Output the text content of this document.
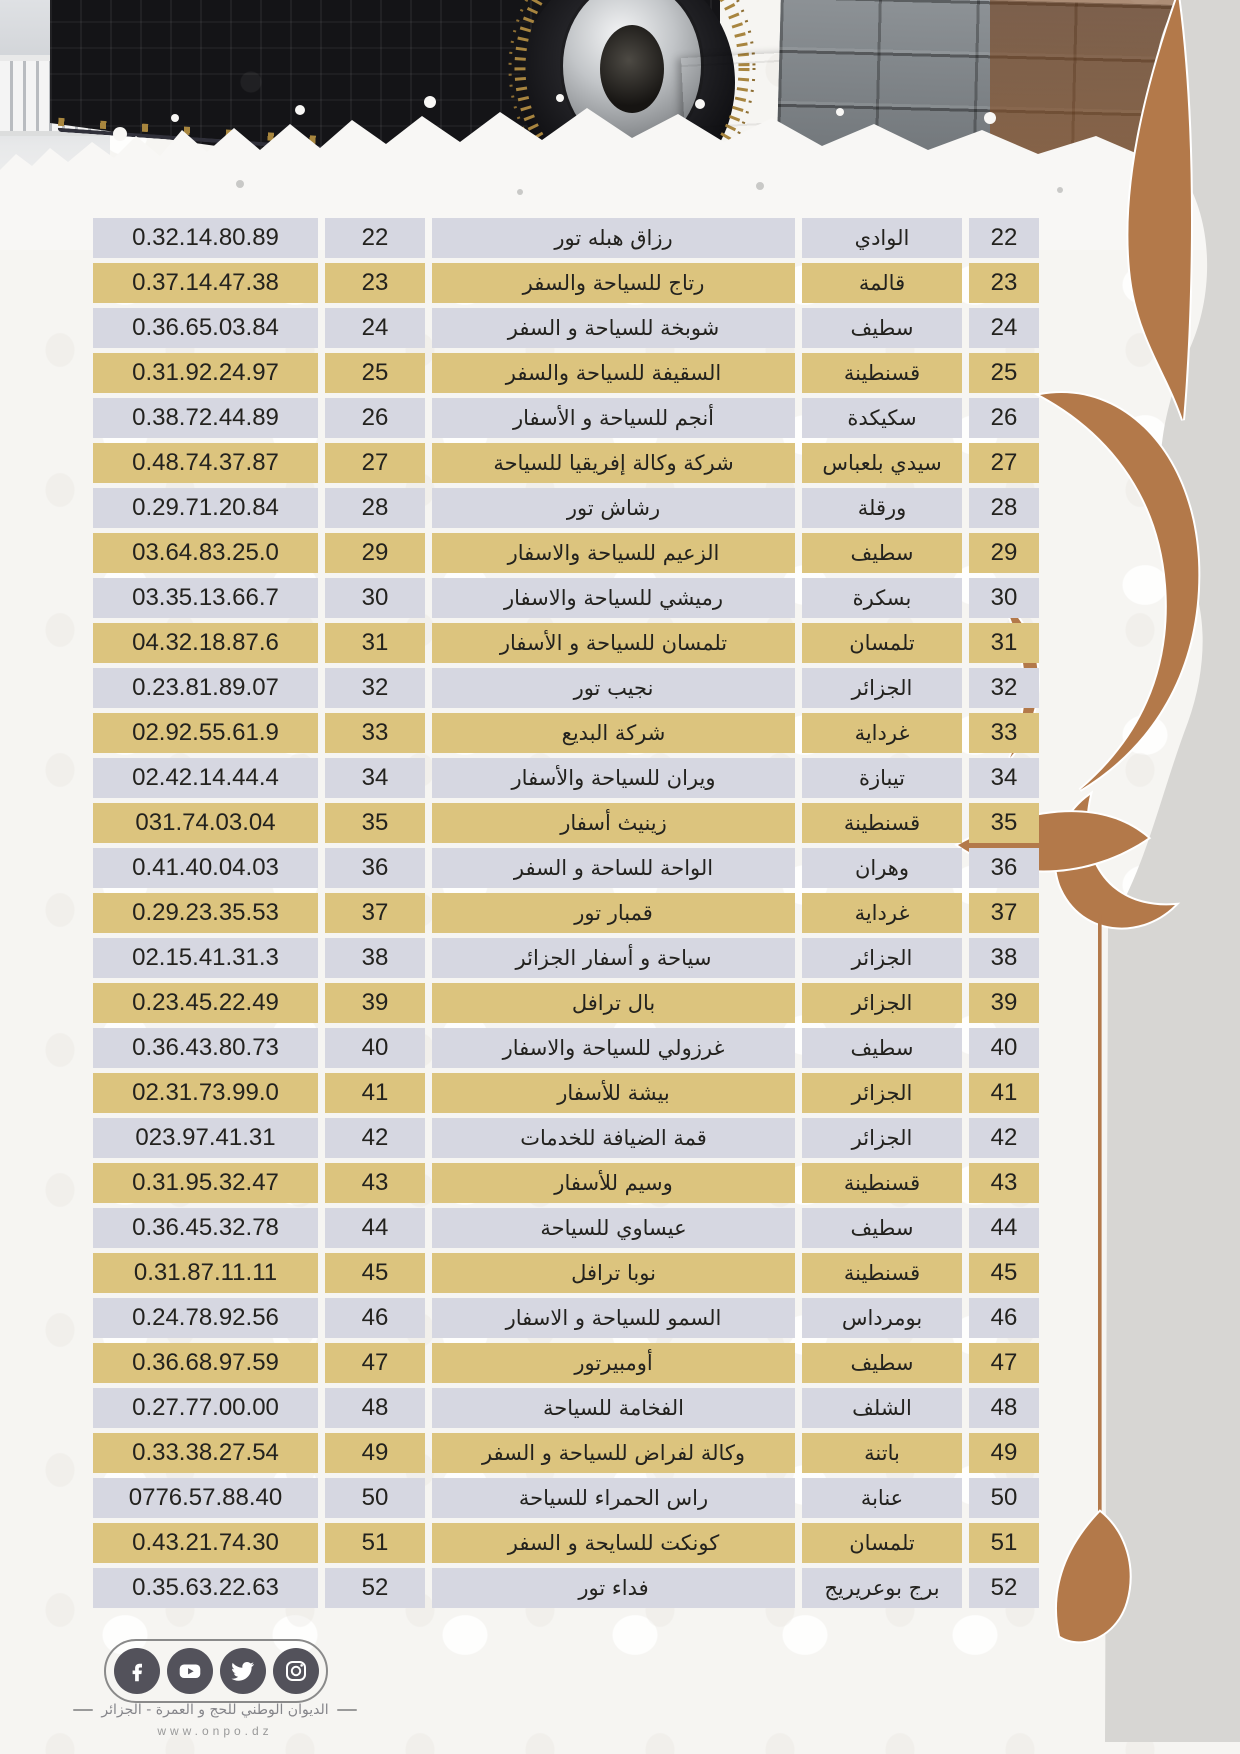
0.32.14.80.89	22	رزاق هبله تور	الوادي	22
0.37.14.47.38	23	رتاج للسياحة والسفر	قالمة	23
0.36.65.03.84	24	شوبخة للسياحة و السفر	سطيف	24
0.31.92.24.97	25	السقيفة للسياحة والسفر	قسنطينة	25
0.38.72.44.89	26	أنجم للسياحة و الأسفار	سكيكدة	26
0.48.74.37.87	27	شركة وكالة إفريقيا للسياحة	سيدي بلعباس	27
0.29.71.20.84	28	رشاش تور	ورقلة	28
03.64.83.25.0	29	الزعيم للسياحة والاسفار	سطيف	29
03.35.13.66.7	30	رميشي للسياحة والاسفار	بسكرة	30
04.32.18.87.6	31	تلمسان للسياحة و الأسفار	تلمسان	31
0.23.81.89.07	32	نجيب تور	الجزائر	32
02.92.55.61.9	33	شركة البديع	غرداية	33
02.42.14.44.4	34	ويران للسياحة والأسفار	تيبازة	34
031.74.03.04	35	زينيث أسفار	قسنطينة	35
0.41.40.04.03	36	الواحة للساحة و السفر	وهران	36
0.29.23.35.53	37	قمبار تور	غرداية	37
02.15.41.31.3	38	سياحة و أسفار الجزائر	الجزائر	38
0.23.45.22.49	39	بال ترافل	الجزائر	39
0.36.43.80.73	40	غرزولي للسياحة والاسفار	سطيف	40
02.31.73.99.0	41	بيشة للأسفار	الجزائر	41
023.97.41.31	42	قمة الضيافة للخدمات	الجزائر	42
0.31.95.32.47	43	وسيم للأسفار	قسنطينة	43
0.36.45.32.78	44	عيساوي للسياحة	سطيف	44
0.31.87.11.11	45	نوبا ترافل	قسنطينة	45
0.24.78.92.56	46	السمو للسياحة و الاسفار	بومرداس	46
0.36.68.97.59	47	أومبيرتور	سطيف	47
0.27.77.00.00	48	الفخامة للسياحة	الشلف	48
0.33.38.27.54	49	وكالة لفراض للسياحة و السفر	باتنة	49
0776.57.88.40	50	راس الحمراء للسياحة	عنابة	50
0.43.21.74.30	51	كونكت للسايحة و السفر	تلمسان	51
0.35.63.22.63	52	فداء تور	برج بوعريريج	52
الديوان الوطني للحج و العمرة - الجزائر
www.onpo.dz
